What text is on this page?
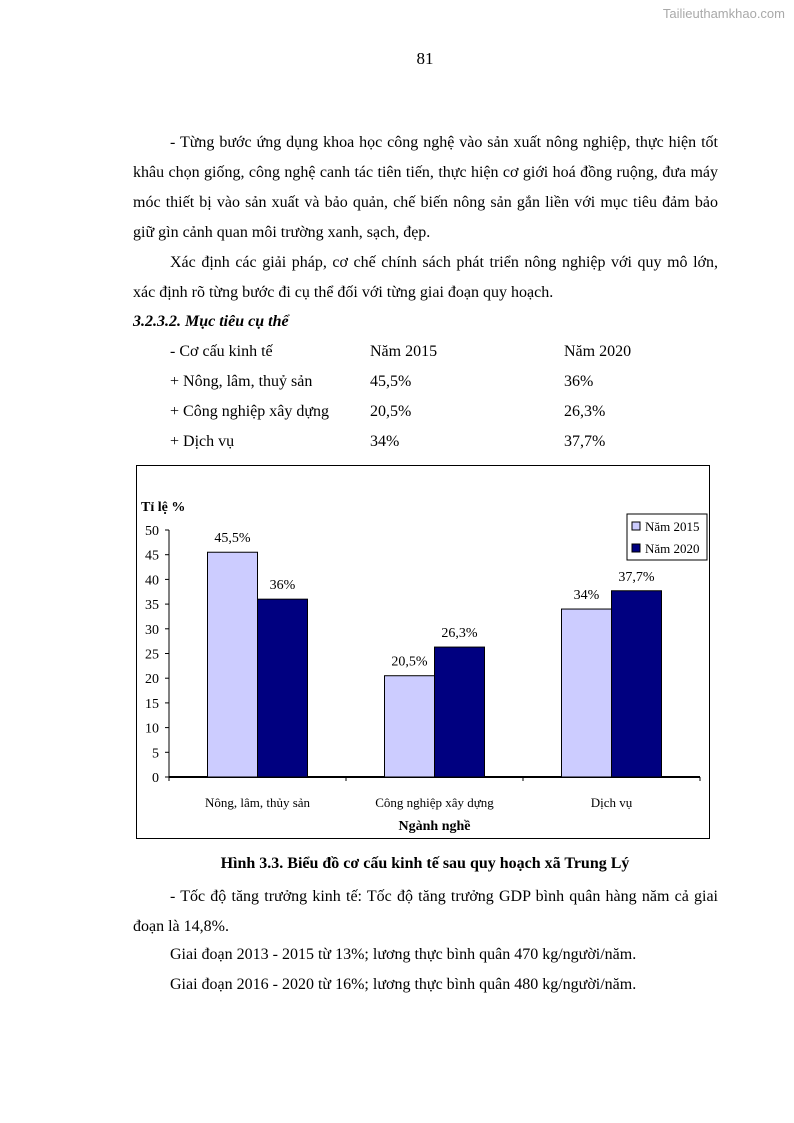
Tailieuthamkhao.com
81

- Từng bước ứng dụng khoa học công nghệ vào sản xuất nông nghiệp, thực hiện tốt khâu chọn giống, công nghệ canh tác tiên tiến, thực hiện cơ giới hoá đồng ruộng, đưa máy móc thiết bị vào sản xuất và bảo quản, chế biến nông sản gắn liền với mục tiêu đảm bảo giữ gìn cảnh quan môi trường xanh, sạch, đẹp.

Xác định các giải pháp, cơ chế chính sách phát triển nông nghiệp với quy mô lớn, xác định rõ từng bước đi cụ thể đối với từng giai đoạn quy hoạch.

3.2.3.2. Mục tiêu cụ thể
- Cơ cấu kinh tế	Năm 2015	Năm 2020
+ Nông, lâm, thuỷ sản	45,5%	36%
+ Công nghiệp xây dựng	20,5%	26,3%
+ Dịch vụ	34%	37,7%
Tỉ lệ %
0
5
10
15
20
25
30
35
40
45
50	45,5%
36%
Nông, lâm, thủy sản
20,5%
26,3%
Công nghiệp xây dựng
34%
37,7%
Dịch vụ
Ngành nghề
Năm 2015
Năm 2020
Hình 3.3. Biểu đồ cơ cấu kinh tế sau quy hoạch xã Trung Lý

- Tốc độ tăng trưởng kinh tế: Tốc độ tăng trưởng GDP bình quân hàng năm cả giai đoạn là 14,8%.

Giai đoạn 2013 - 2015 từ 13%; lương thực bình quân 470 kg/người/năm.
Giai đoạn 2016 - 2020 từ 16%; lương thực bình quân 480 kg/người/năm.
